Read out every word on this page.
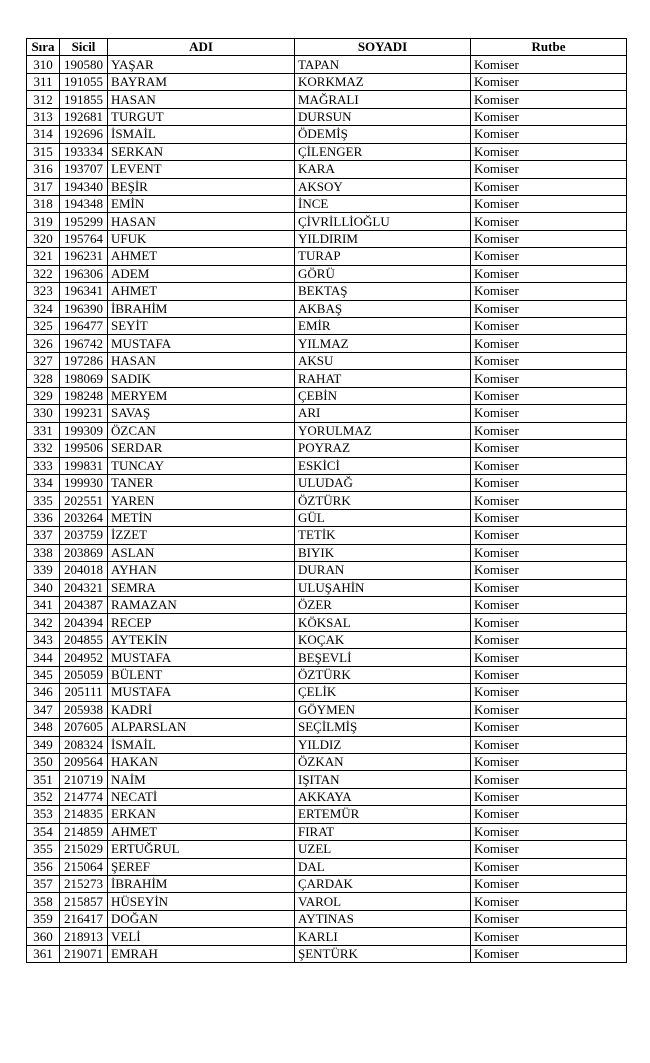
Sıra	Sicil	ADI	SOYADI	Rutbe
310	190580	YAŞAR	TAPAN	Komiser
311	191055	BAYRAM	KORKMAZ	Komiser
312	191855	HASAN	MAĞRALI	Komiser
313	192681	TURGUT	DURSUN	Komiser
314	192696	İSMAİL	ÖDEMİŞ	Komiser
315	193334	SERKAN	ÇİLENGER	Komiser
316	193707	LEVENT	KARA	Komiser
317	194340	BEŞİR	AKSOY	Komiser
318	194348	EMİN	İNCE	Komiser
319	195299	HASAN	ÇİVRİLLİOĞLU	Komiser
320	195764	UFUK	YILDIRIM	Komiser
321	196231	AHMET	TURAP	Komiser
322	196306	ADEM	GÖRÜ	Komiser
323	196341	AHMET	BEKTAŞ	Komiser
324	196390	İBRAHİM	AKBAŞ	Komiser
325	196477	SEYİT	EMİR	Komiser
326	196742	MUSTAFA	YILMAZ	Komiser
327	197286	HASAN	AKSU	Komiser
328	198069	SADIK	RAHAT	Komiser
329	198248	MERYEM	ÇEBİN	Komiser
330	199231	SAVAŞ	ARI	Komiser
331	199309	ÖZCAN	YORULMAZ	Komiser
332	199506	SERDAR	POYRAZ	Komiser
333	199831	TUNCAY	ESKİCİ	Komiser
334	199930	TANER	ULUDAĞ	Komiser
335	202551	YAREN	ÖZTÜRK	Komiser
336	203264	METİN	GÜL	Komiser
337	203759	İZZET	TETİK	Komiser
338	203869	ASLAN	BIYIK	Komiser
339	204018	AYHAN	DURAN	Komiser
340	204321	SEMRA	ULUŞAHİN	Komiser
341	204387	RAMAZAN	ÖZER	Komiser
342	204394	RECEP	KÖKSAL	Komiser
343	204855	AYTEKİN	KOÇAK	Komiser
344	204952	MUSTAFA	BEŞEVLİ	Komiser
345	205059	BÜLENT	ÖZTÜRK	Komiser
346	205111	MUSTAFA	ÇELİK	Komiser
347	205938	KADRİ	GÖYMEN	Komiser
348	207605	ALPARSLAN	SEÇİLMİŞ	Komiser
349	208324	İSMAİL	YILDIZ	Komiser
350	209564	HAKAN	ÖZKAN	Komiser
351	210719	NAİM	IŞITAN	Komiser
352	214774	NECATİ	AKKAYA	Komiser
353	214835	ERKAN	ERTEMÜR	Komiser
354	214859	AHMET	FIRAT	Komiser
355	215029	ERTUĞRUL	UZEL	Komiser
356	215064	ŞEREF	DAL	Komiser
357	215273	İBRAHİM	ÇARDAK	Komiser
358	215857	HÜSEYİN	VAROL	Komiser
359	216417	DOĞAN	AYTINAS	Komiser
360	218913	VELİ	KARLI	Komiser
361	219071	EMRAH	ŞENTÜRK	Komiser
